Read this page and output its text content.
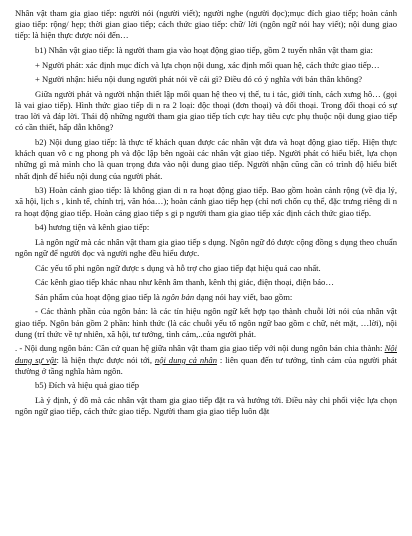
Nhân vật tham gia giao tiếp: người nói (người viết); người nghe (người đọc);mục đích giao tiếp; hoàn cảnh giao tiếp: rộng/ hẹp; thời gian giao tiếp; cách thức giao tiếp: chữ/ lời (ngôn ngữ nói hay viết); nội dung giao tiếp: là hiện thực được nói đến…

b1) Nhân vật giao tiếp: là người tham gia vào hoạt động giao tiếp, gồm 2 tuyến nhân vật tham gia:

+ Người phát: xác định mục đích và lựa chọn nội dung, xác định mối quan hệ, cách thức giao tiếp…

+ Người nhận: hiểu nội dung người phát nói về cái gì? Điều đó có ý nghĩa với bản thân không?

Giữa người phát và người nhận thiết lập mối quan hệ theo vị thế, tu i tác, giới tính, cách xưng hô… (gọi là vai giao tiếp). Hình thức giao tiếp di n ra 2 loại: độc thoại (đơn thoại) và đối thoại. Trong đối thoại có sự trao lời và đáp lời. Thái độ những người tham gia giao tiếp tích cực hay tiêu cực phụ thuộc nội dung giao tiếp có cần thiết, hấp dẫn không?

b2) Nội dung giao tiếp: là thực tế khách quan được các nhân vật đưa và hoạt động giao tiếp. Hiện thực khách quan vô c ng phong ph và độc lập bên ngoài các nhân vật giao tiếp. Người phát có hiểu biết, lựa chọn những gì mà mình cho là quan trọng đưa vào nội dung giao tiếp. Người nhận cũng cần có trình độ hiểu biết nhất định để hiểu nội dung của người phát.

b3) Hoàn cảnh giao tiếp: là không gian di n ra hoạt động giao tiếp. Bao gồm hoàn cảnh rộng (về địa lý, xã hội, lịch s , kinh tế, chính trị, văn hóa…); hoàn cảnh giao tiếp hẹp (chỉ nơi chốn cụ thể, đặc trưng riêng di n ra hoạt động giao tiếp. Hoàn cảng giao tiếp s gi p người tham gia giao tiếp xác định cách thức giao tiếp.

b4) hương tiện và kênh giao tiếp:

Là ngôn ngữ mà các nhân vật tham gia giao tiếp s dụng. Ngôn ngữ đó được cộng đồng s dụng theo chuẩn ngôn ngữ để người đọc và người nghe đều hiểu được.

Các yếu tố phi ngôn ngữ được s dụng và hỗ trợ cho giao tiếp đạt hiệu quả cao nhất.

Các kênh giao tiếp khác nhau như kênh âm thanh, kênh thị giác, điện thoại, điện báo…

Sản phẩm của hoạt động giao tiếp là ngôn bản dạng nói hay viết, bao gồm:

- Các thành phần của ngôn bản: là các tín hiệu ngôn ngữ kết hợp tạo thành chuỗi lời nói của nhân vật giao tiếp. Ngôn bản gồm 2 phần: hình thức (là các chuỗi yếu tố ngôn ngữ bao gồm c chữ, nét mặt, …lời), nội dung (trí thức về tự nhiên, xã hội, tư tưởng, tình cảm,..của người phát.

. - Nội dung ngôn bản: Căn cứ quan hệ giữa nhân vật tham gia giao tiếp với nội dung ngôn bản chia thành: Nội dung sự vật: là hiện thực được nói tới, nội dung cả nhân : liên quan đến tư tưởng, tình cảm của người phát thường ở tầng nghĩa hàm ngôn.

b5) Đích và hiệu quả giao tiếp

Là ý định, ý đồ mà các nhân vật tham gia giao tiếp đặt ra và hướng tới. Điều này chi phối việc lựa chọn ngôn ngữ giao tiếp, cách thức giao tiếp. Người tham gia giao tiếp luôn đặt
